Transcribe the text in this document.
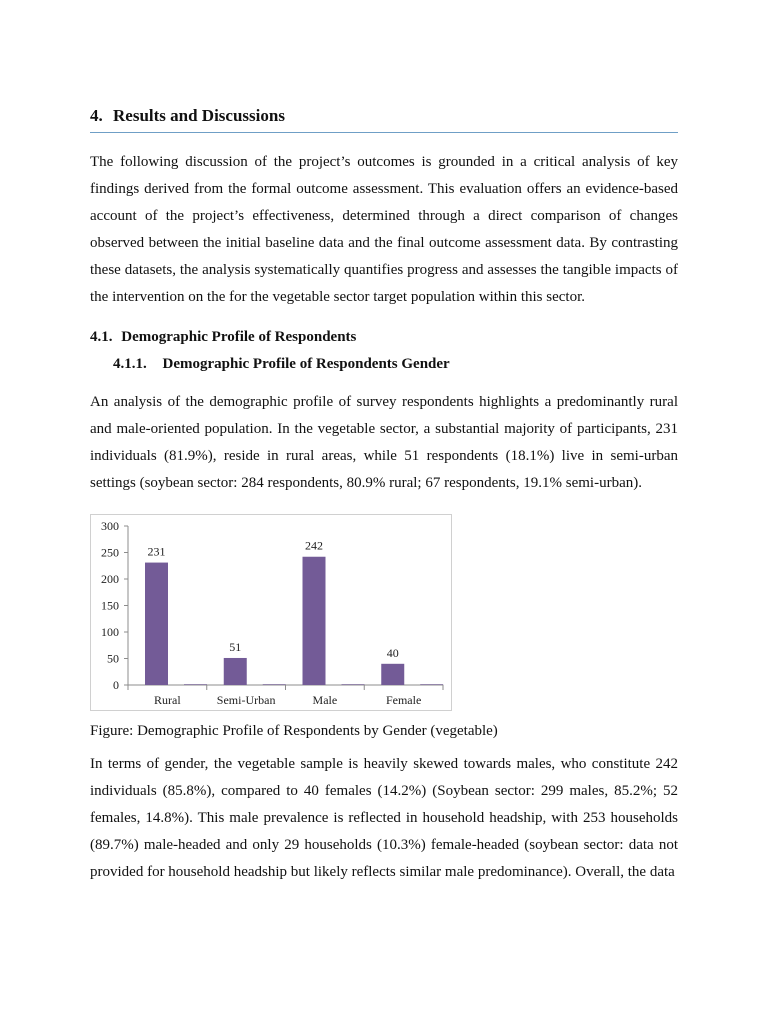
4. Results and Discussions

The following discussion of the project’s outcomes is grounded in a critical analysis of key findings derived from the formal outcome assessment. This evaluation offers an evidence-based account of the project’s effectiveness, determined through a direct comparison of changes observed between the initial baseline data and the final outcome assessment data. By contrasting these datasets, the analysis systematically quantifies progress and assesses the tangible impacts of the intervention on the for the vegetable sector target population within this sector.

4.1. Demographic Profile of Respondents

4.1.1. Demographic Profile of Respondents Gender

An analysis of the demographic profile of survey respondents highlights a predominantly rural and male-oriented population. In the vegetable sector, a substantial majority of participants, 231 individuals (81.9%), reside in rural areas, while 51 respondents (18.1%) live in semi-urban settings (soybean sector: 284 respondents, 80.9% rural; 67 respondents, 19.1% semi-urban).

0
50
100
150
200
250
300
231
Rural
51
Semi-Urban
242
Male
40
Female

Figure: Demographic Profile of Respondents by Gender (vegetable)

In terms of gender, the vegetable sample is heavily skewed towards males, who constitute 242 individuals (85.8%), compared to 40 females (14.2%) (Soybean sector: 299 males, 85.2%; 52 females, 14.8%). This male prevalence is reflected in household headship, with 253 households (89.7%) male-headed and only 29 households (10.3%) female-headed (soybean sector: data not provided for household headship but likely reflects similar male predominance). Overall, the data
